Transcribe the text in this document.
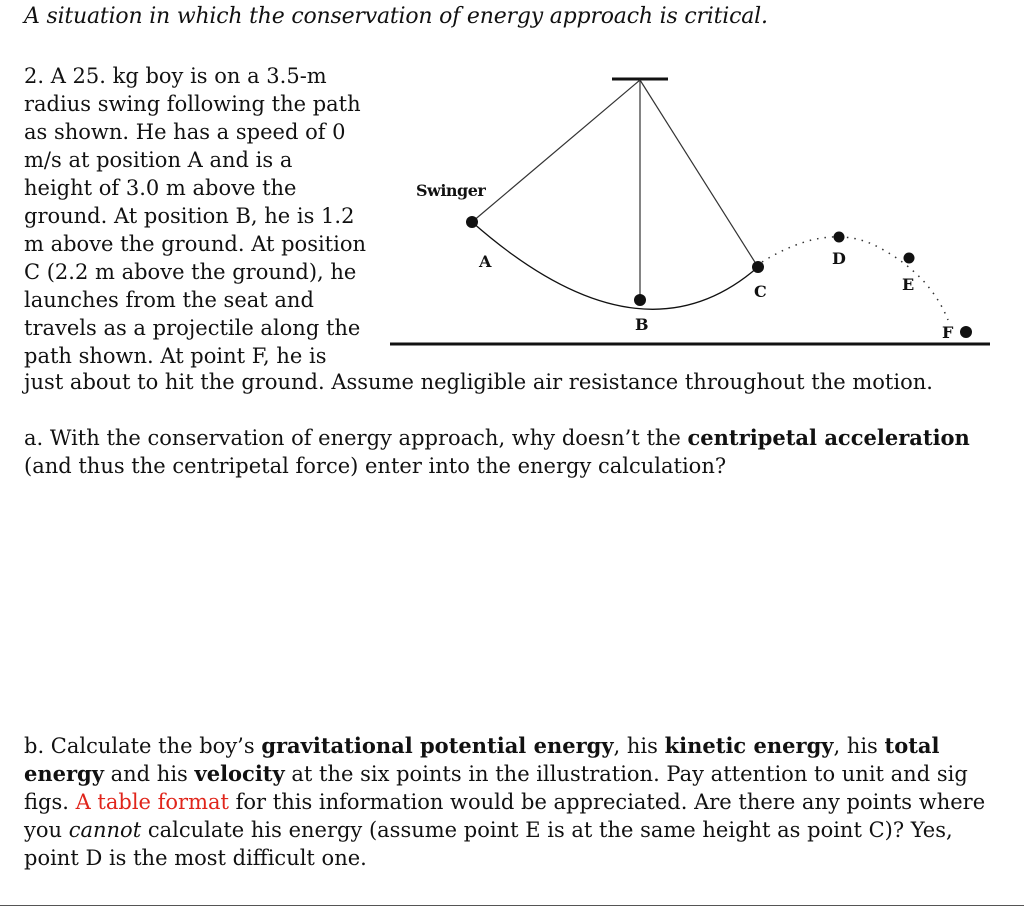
A situation in which the conservation of energy approach is critical.
2. A 25. kg boy is on a 3.5-m
radius swing following the path
as shown. He has a speed of 0
m/s at position A and is a
height of 3.0 m above the
ground. At position B, he is 1.2
m above the ground. At position
C (2.2 m above the ground), he
launches from the seat and
travels as a projectile along the
path shown. At point F, he is
just about to hit the ground. Assume negligible air resistance throughout the motion.
Swinger
A
B
C
D
E
F
a. With the conservation of energy approach, why doesn’t the centripetal acceleration
(and thus the centripetal force) enter into the energy calculation?
b. Calculate the boy’s gravitational potential energy, his kinetic energy, his total
energy and his velocity at the six points in the illustration. Pay attention to unit and sig
figs. A table format for this information would be appreciated. Are there any points where
you cannot calculate his energy (assume point E is at the same height as point C)? Yes,
point D is the most difficult one.
